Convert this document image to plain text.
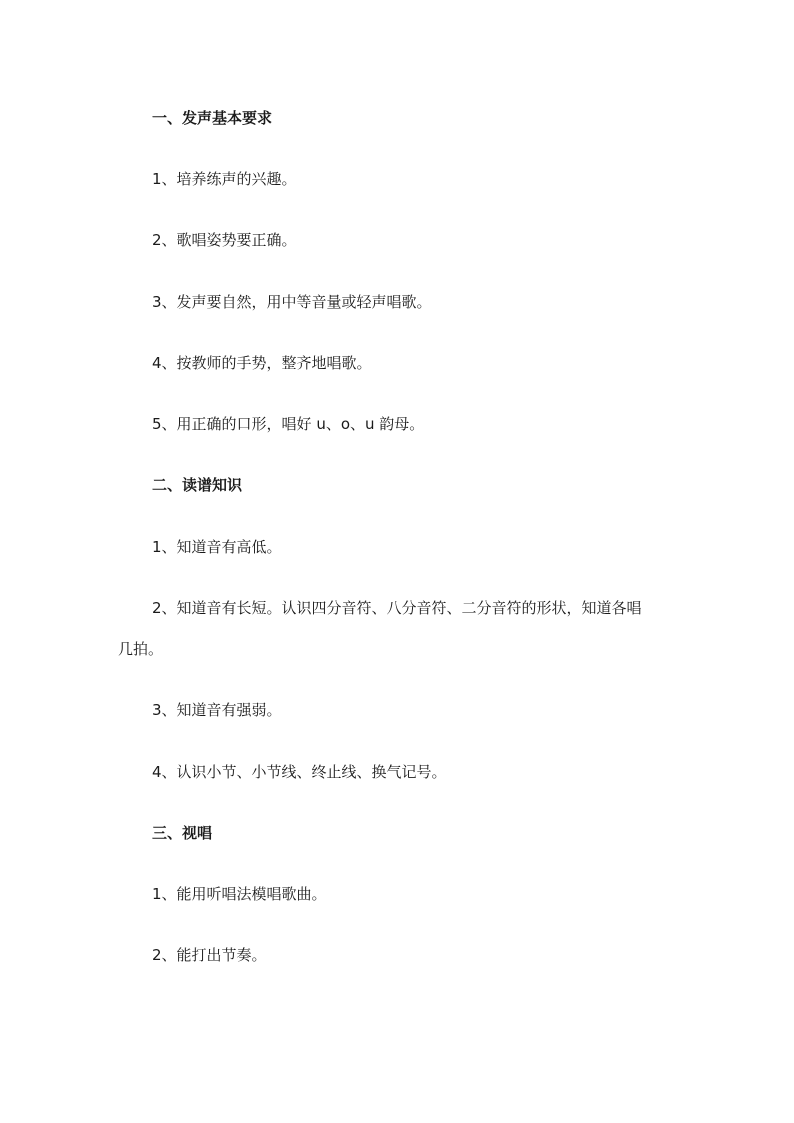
一、发声基本要求
1、培养练声的兴趣。
2、歌唱姿势要正确。
3、发声要自然，用中等音量或轻声唱歌。
4、按教师的手势，整齐地唱歌。
5、用正确的口形，唱好 u、o、u 韵母。
二、读谱知识
1、知道音有高低。
2、知道音有长短。认识四分音符、八分音符、二分音符的形状，知道各唱
几拍。
3、知道音有强弱。
4、认识小节、小节线、终止线、换气记号。
三、视唱
1、能用听唱法模唱歌曲。
2、能打出节奏。
